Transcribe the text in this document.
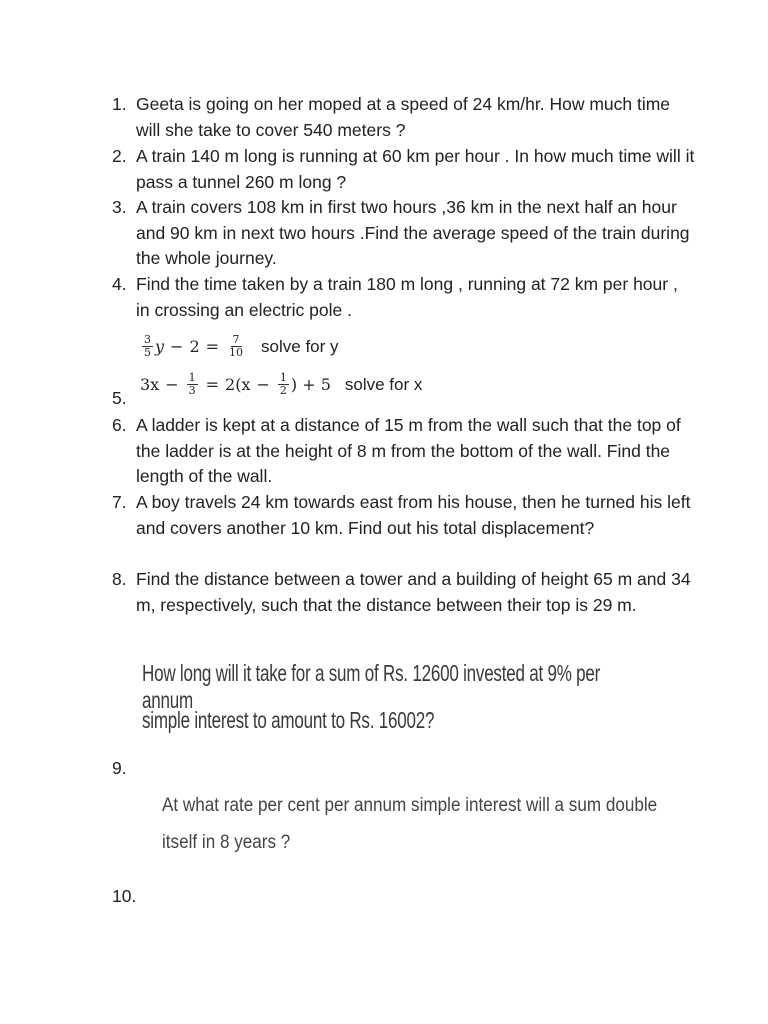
1. Geeta is going on her moped at a speed of 24 km/hr. How much time will she take to cover 540 meters ?
2. A train 140 m long is running at 60 km per hour . In how much time will it pass a tunnel 260 m long ?
3. A train covers 108 km in first two hours ,36 km in the next half an hour and 90 km in next two hours .Find the average speed of the train during the whole journey.
4. Find the time taken by a train 180 m long , running at 72 km per hour , in crossing an electric pole .
$\frac{3}{5}$ $y - 2 = \frac{7}{10}$ solve for y
$3x - \frac{1}{3} = 2(x - \frac{1}{2}$ ) + 5 solve for x
5.
6. A ladder is kept at a distance of 15 m from the wall such that the top of the ladder is at the height of 8 m from the bottom of the wall. Find the length of the wall.
7. A boy travels 24 km towards east from his house, then he turned his left and covers another 10 km. Find out his total displacement?
8. Find the distance between a tower and a building of height 65 m and 34 m, respectively, such that the distance between their top is 29 m.
How long will it take for a sum of Rs. 12600 invested at 9% per annum
simple interest to amount to Rs. 16002?
9.
At what rate per cent per annum simple interest will a sum double
itself in 8 years ?
10.
